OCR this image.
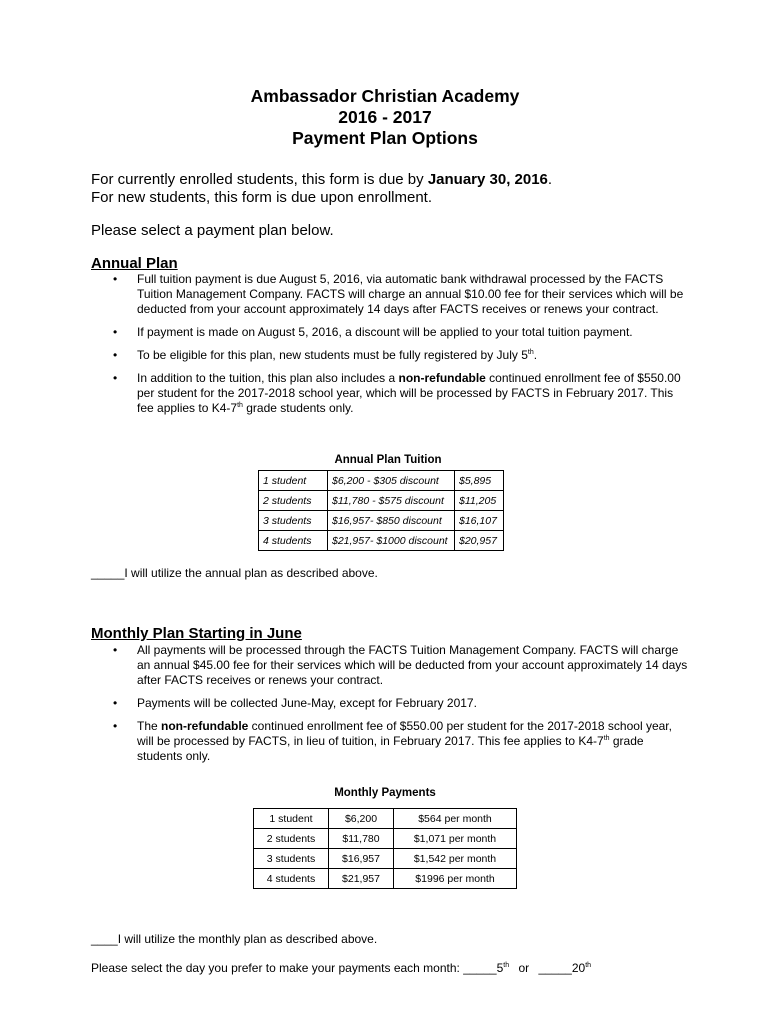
Ambassador Christian Academy
2016 - 2017
Payment Plan Options
For currently enrolled students, this form is due by January 30, 2016.
For new students, this form is due upon enrollment.
Please select a payment plan below.
Annual Plan
• Full tuition payment is due August 5, 2016, via automatic bank withdrawal processed by the FACTS Tuition Management Company. FACTS will charge an annual $10.00 fee for their services which will be deducted from your account approximately 14 days after FACTS receives or renews your contract.
• If payment is made on August 5, 2016, a discount will be applied to your total tuition payment.
• To be eligible for this plan, new students must be fully registered by July 5th.
• In addition to the tuition, this plan also includes a non-refundable continued enrollment fee of $550.00 per student for the 2017-2018 school year, which will be processed by FACTS in February 2017. This fee applies to K4-7th grade students only.
Annual Plan Tuition
1 student	$6,200 - $305 discount	$5,895
2 students	$11,780 - $575 discount	$11,205
3 students	$16,957- $850 discount	$16,107
4 students	$21,957- $1000 discount	$20,957
_____I will utilize the annual plan as described above.
Monthly Plan Starting in June
• All payments will be processed through the FACTS Tuition Management Company. FACTS will charge an annual $45.00 fee for their services which will be deducted from your account approximately 14 days after FACTS receives or renews your contract.
• Payments will be collected June-May, except for February 2017.
• The non-refundable continued enrollment fee of $550.00 per student for the 2017-2018 school year, will be processed by FACTS, in lieu of tuition, in February 2017. This fee applies to K4-7th grade students only.
Monthly Payments
1 student	$6,200	$564 per month
2 students	$11,780	$1,071 per month
3 students	$16,957	$1,542 per month
4 students	$21,957	$1996 per month
____I will utilize the monthly plan as described above.
Please select the day you prefer to make your payments each month: _____5th or _____20th
